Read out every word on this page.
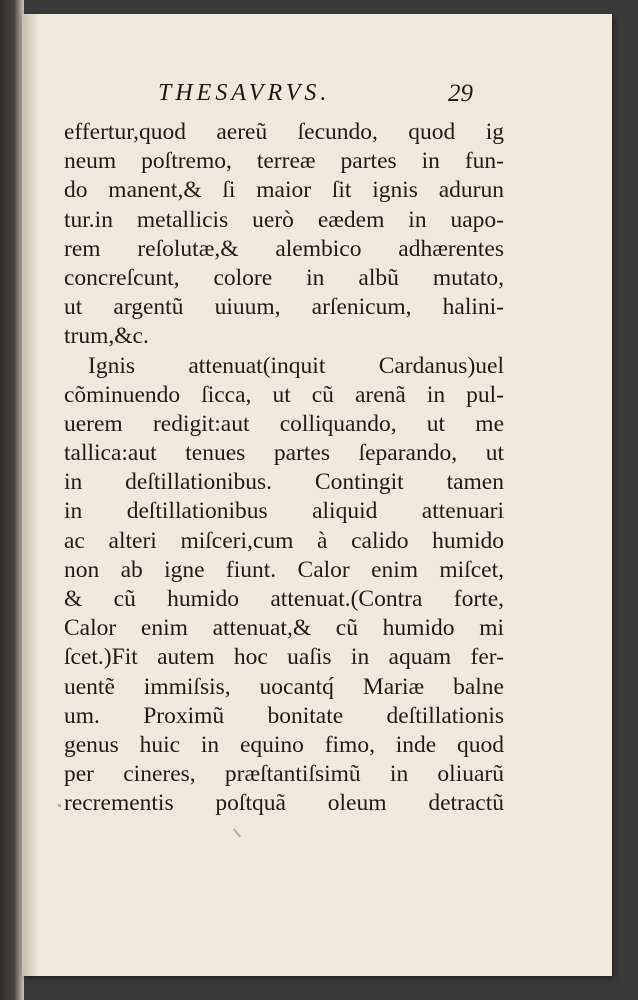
THESAVRVS.	29
effertur,quod aereũ ſecundo, quod ig
neum poſtremo, terreæ partes in fun-
do manent,& ſi maior ſit ignis adurun
tur.in metallicis uerò eædem in uapo-
rem reſolutæ,& alembico adhærentes
concreſcunt, colore in albũ mutato,
ut argentũ uiuum, arſenicum, halini-
trum,&c.
Ignis attenuat(inquit Cardanus)uel
cõminuendo ſicca, ut cũ arenã in pul-
uerem redigit:aut colliquando, ut me
tallica:aut tenues partes ſeparando, ut
in deſtillationibus. Contingit tamen
in deſtillationibus aliquid attenuari
ac alteri miſceri,cum à calido humido
non ab igne fiunt. Calor enim miſcet,
& cũ humido attenuat.(Contra forte,
Calor enim attenuat,& cũ humido mi
ſcet.)Fit autem hoc uaſis in aquam fer-
uentẽ immiſsis, uocantq́ Mariæ balne
um. Proximũ bonitate deſtillationis
genus huic in equino fimo, inde quod
per cineres, præſtantiſsimũ in oliuarũ
recrementis poſtquã oleum detractũ
